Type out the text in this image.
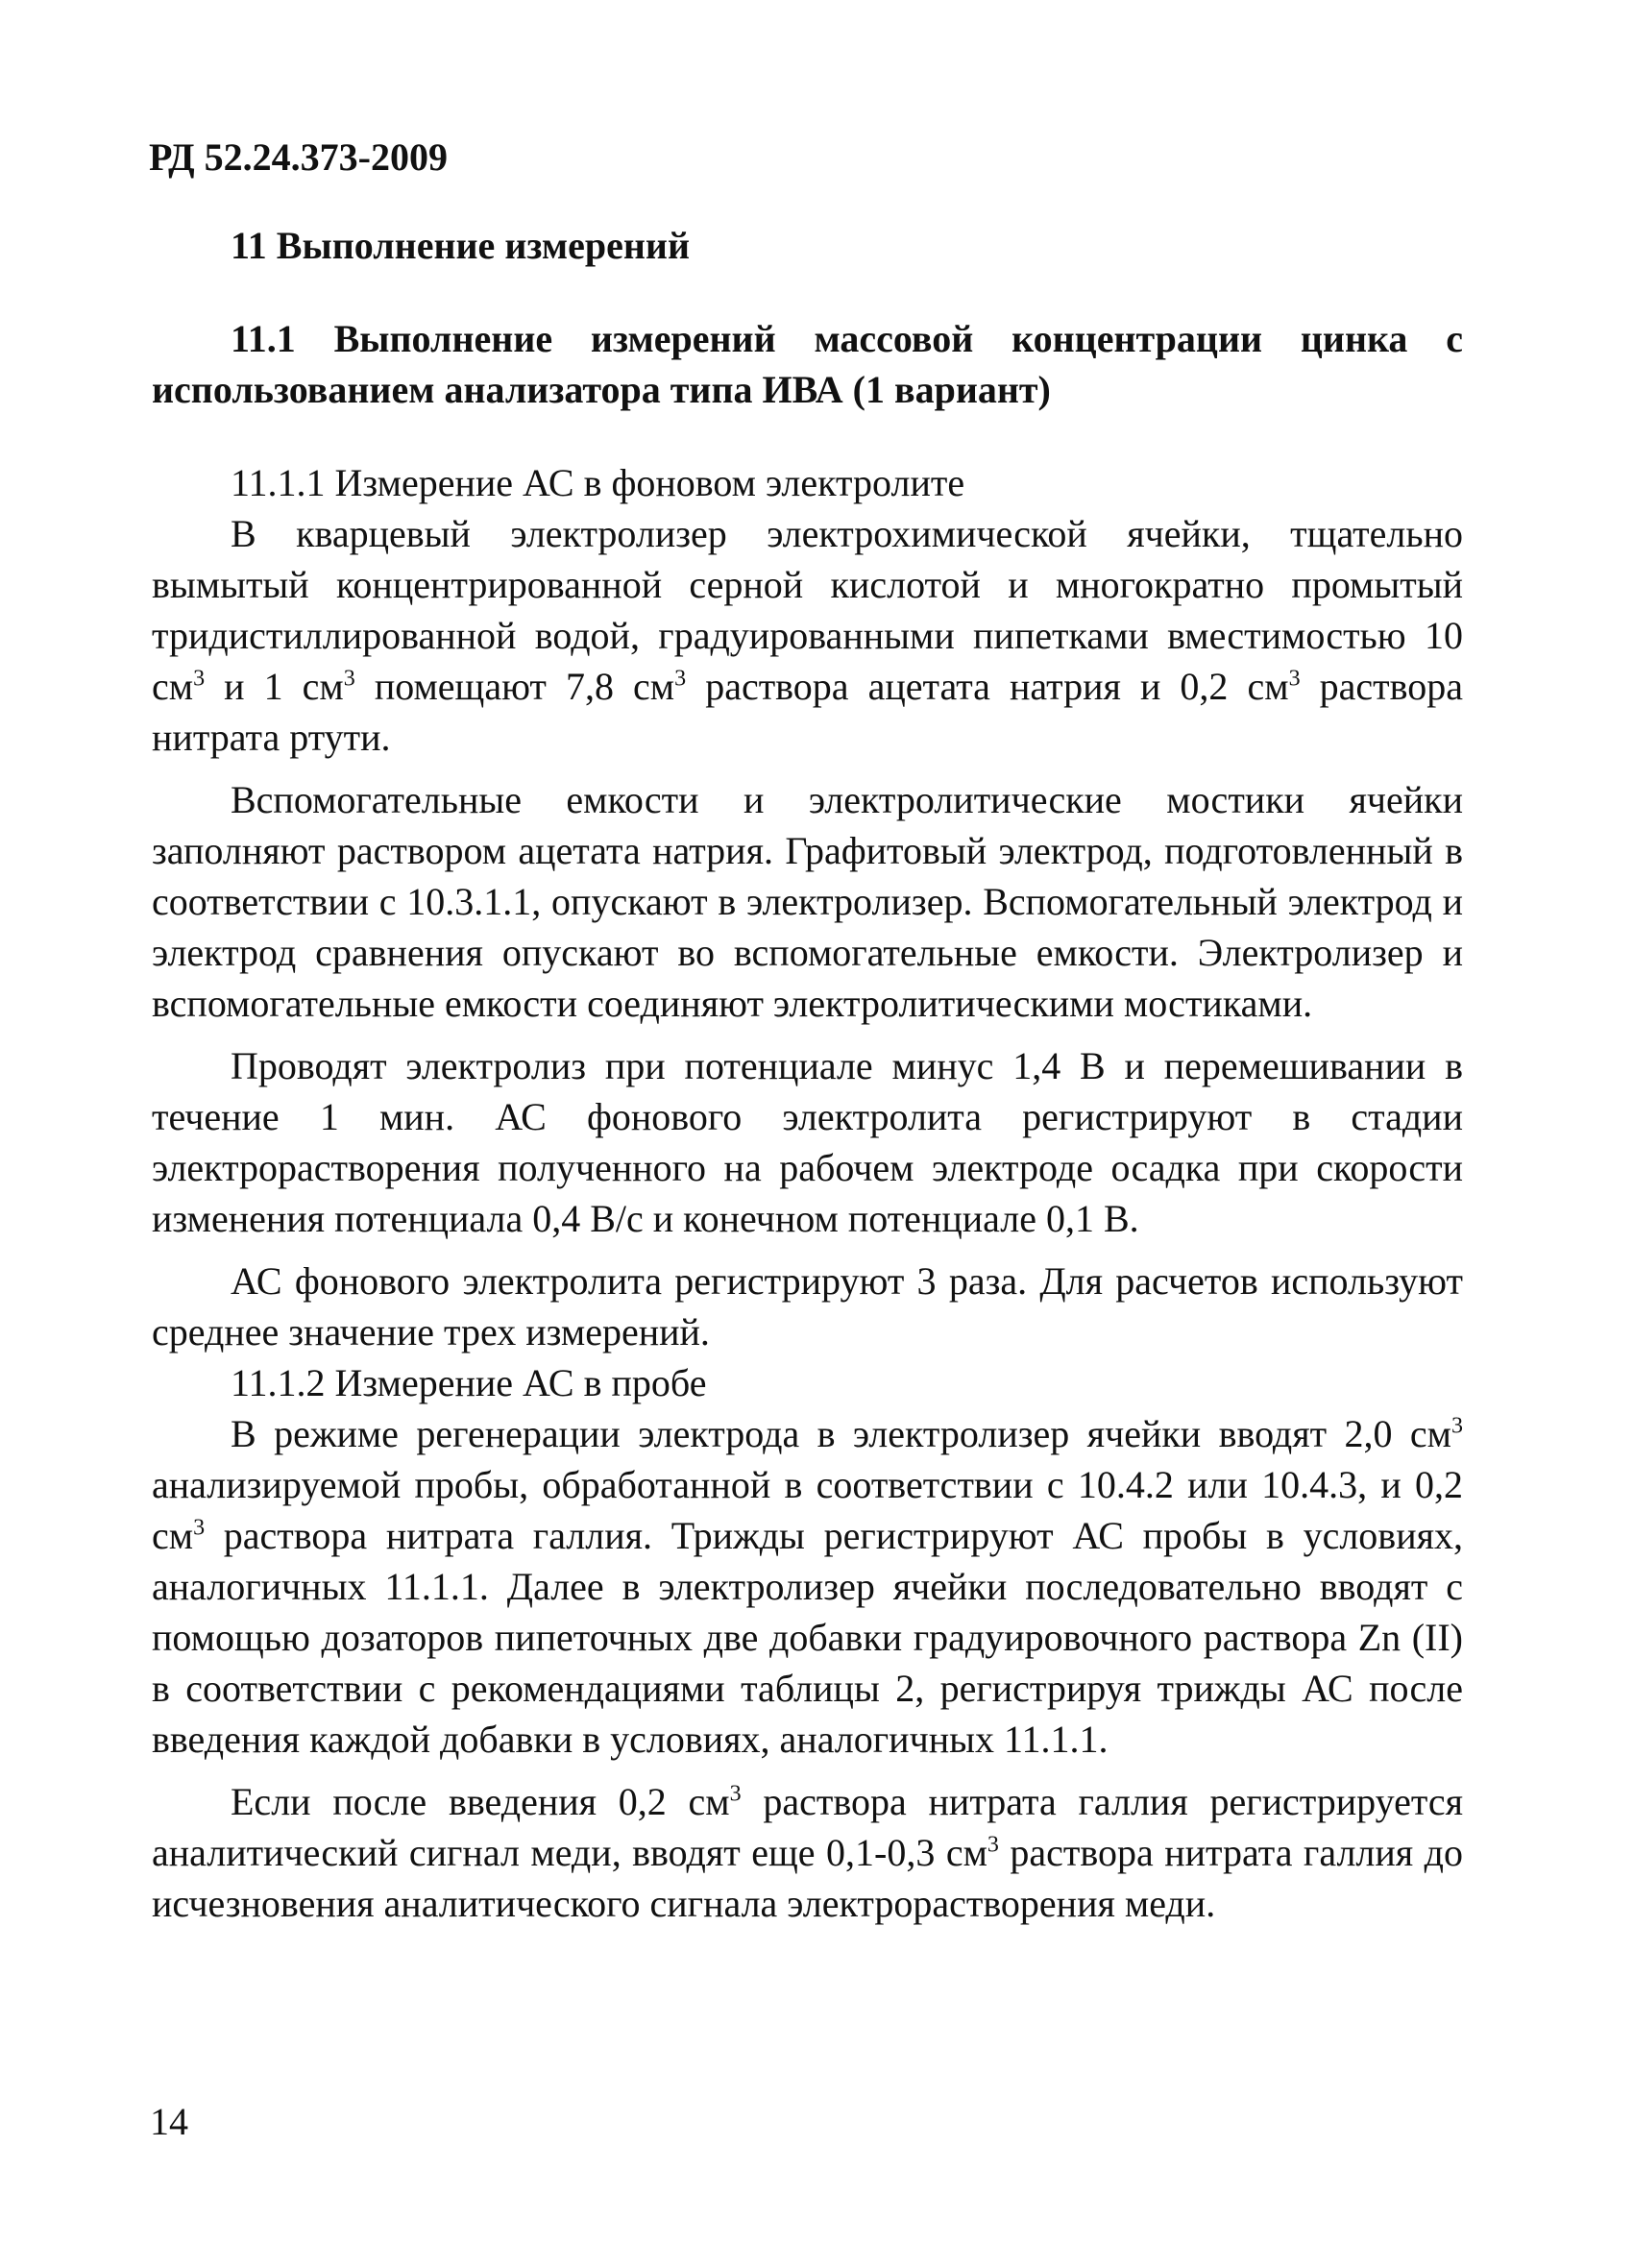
РД 52.24.373-2009

11 Выполнение измерений
11.1 Выполнение измерений массовой концентрации цинка с использованием анализатора типа ИВА (1 вариант)

11.1.1 Измерение АС в фоновом электролите

В кварцевый электролизер электрохимической ячейки, тщательно вымытый концентрированной серной кислотой и многократно промытый тридистиллированной водой, градуированными пипетками вместимостью 10 $см^3$ и 1 $см^3$ помещают 7,8 $см^3$ раствора ацетата натрия и 0,2 $см^3$ раствора нитрата ртути.

Вспомогательные емкости и электролитические мостики ячейки заполняют раствором ацетата натрия. Графитовый электрод, подготовленный в соответствии с 10.3.1.1, опускают в электролизер. Вспомогательный электрод и электрод сравнения опускают во вспомогательные емкости. Электролизер и вспомогательные емкости соединяют электролитическими мостиками.

Проводят электролиз при потенциале минус 1,4 В и перемешивании в течение 1 мин. АС фонового электролита регистрируют в стадии электрорастворения полученного на рабочем электроде осадка при скорости изменения потенциала 0,4 В/с и конечном потенциале 0,1 В.

АС фонового электролита регистрируют 3 раза. Для расчетов используют среднее значение трех измерений.

11.1.2 Измерение АС в пробе

В режиме регенерации электрода в электролизер ячейки вводят 2,0 $см^3$ анализируемой пробы, обработанной в соответствии с 10.4.2 или 10.4.3, и 0,2 $см^3$ раствора нитрата галлия. Трижды регистрируют АС пробы в условиях, аналогичных 11.1.1. Далее в электролизер ячейки последовательно вводят с помощью дозаторов пипеточных две добавки градуировочного раствора Zn (II) в соответствии с рекомендациями таблицы 2, регистрируя трижды АС после введения каждой добавки в условиях, аналогичных 11.1.1.

Если после введения 0,2 $см^3$ раствора нитрата галлия регистрируется аналитический сигнал меди, вводят еще 0,1-0,3 $см^3$ раствора нитрата галлия до исчезновения аналитического сигнала электрорастворения меди.

14
